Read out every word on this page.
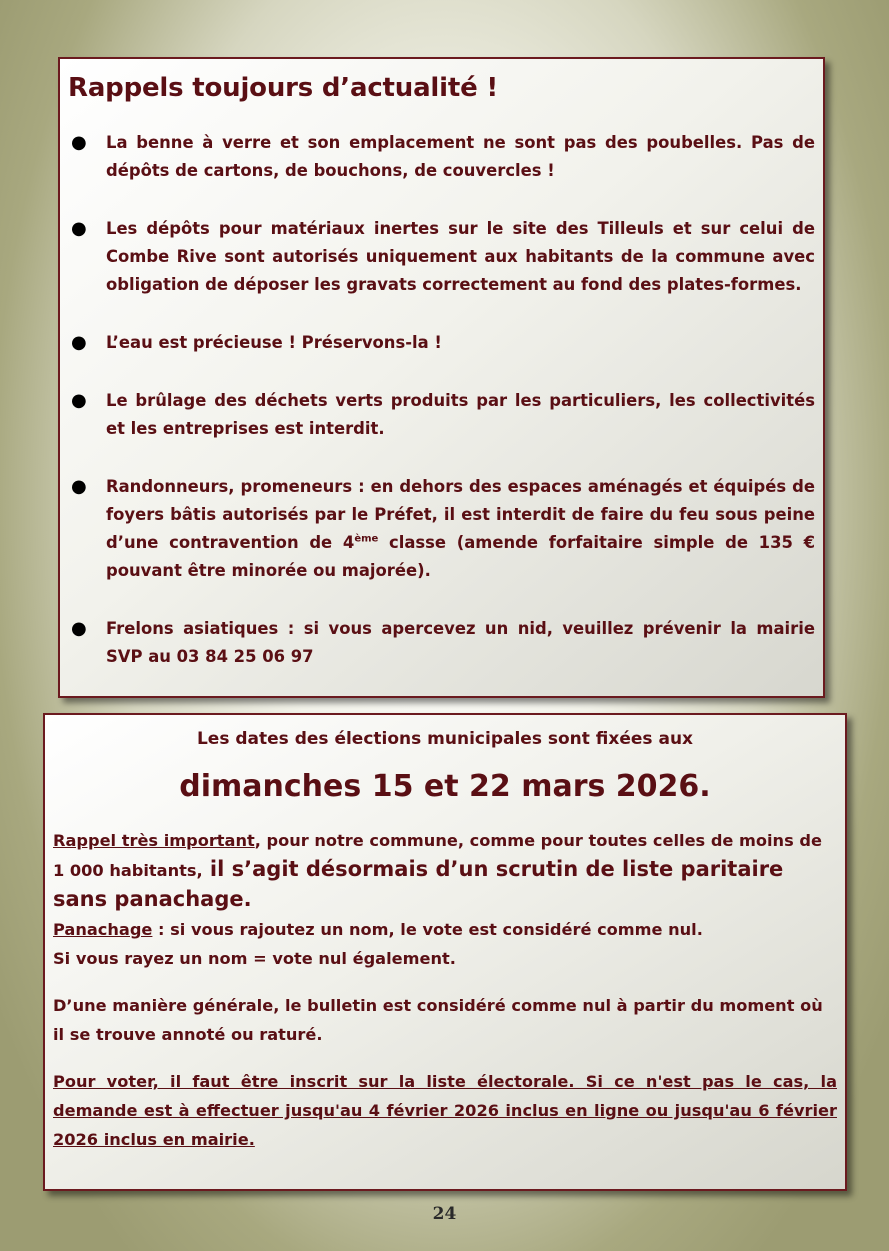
Rappels toujours d’actualité !
● La benne à verre et son emplacement ne sont pas des poubelles. Pas de dépôts de cartons, de bouchons, de couvercles !
● Les dépôts pour matériaux inertes sur le site des Tilleuls et sur celui de Combe Rive sont autorisés uniquement aux habitants de la commune avec obligation de déposer les gravats correctement au fond des plates-formes.
● L’eau est précieuse ! Préservons-la !
● Le brûlage des déchets verts produits par les particuliers, les collectivités et les entreprises est interdit.
● Randonneurs, promeneurs : en dehors des espaces aménagés et équipés de foyers bâtis autorisés par le Préfet, il est interdit de faire du feu sous peine d’une contravention de 4ème classe (amende forfaitaire simple de 135 € pouvant être minorée ou majorée).
● Frelons asiatiques : si vous apercevez un nid, veuillez prévenir la mairie SVP au 03 84 25 06 97

Les dates des élections municipales sont fixées aux

dimanches 15 et 22 mars 2026.

Rappel très important, pour notre commune, comme pour toutes celles de moins de 1 000 habitants, il s’agit désormais d’un scrutin de liste paritaire sans panachage.

Panachage : si vous rajoutez un nom, le vote est considéré comme nul.

Si vous rayez un nom = vote nul également.

D’une manière générale, le bulletin est considéré comme nul à partir du moment où il se trouve annoté ou raturé.

Pour voter, il faut être inscrit sur la liste électorale. Si ce n'est pas le cas, la demande est à effectuer jusqu'au 4 février 2026 inclus en ligne ou jusqu'au 6 février 2026 inclus en mairie.

24
